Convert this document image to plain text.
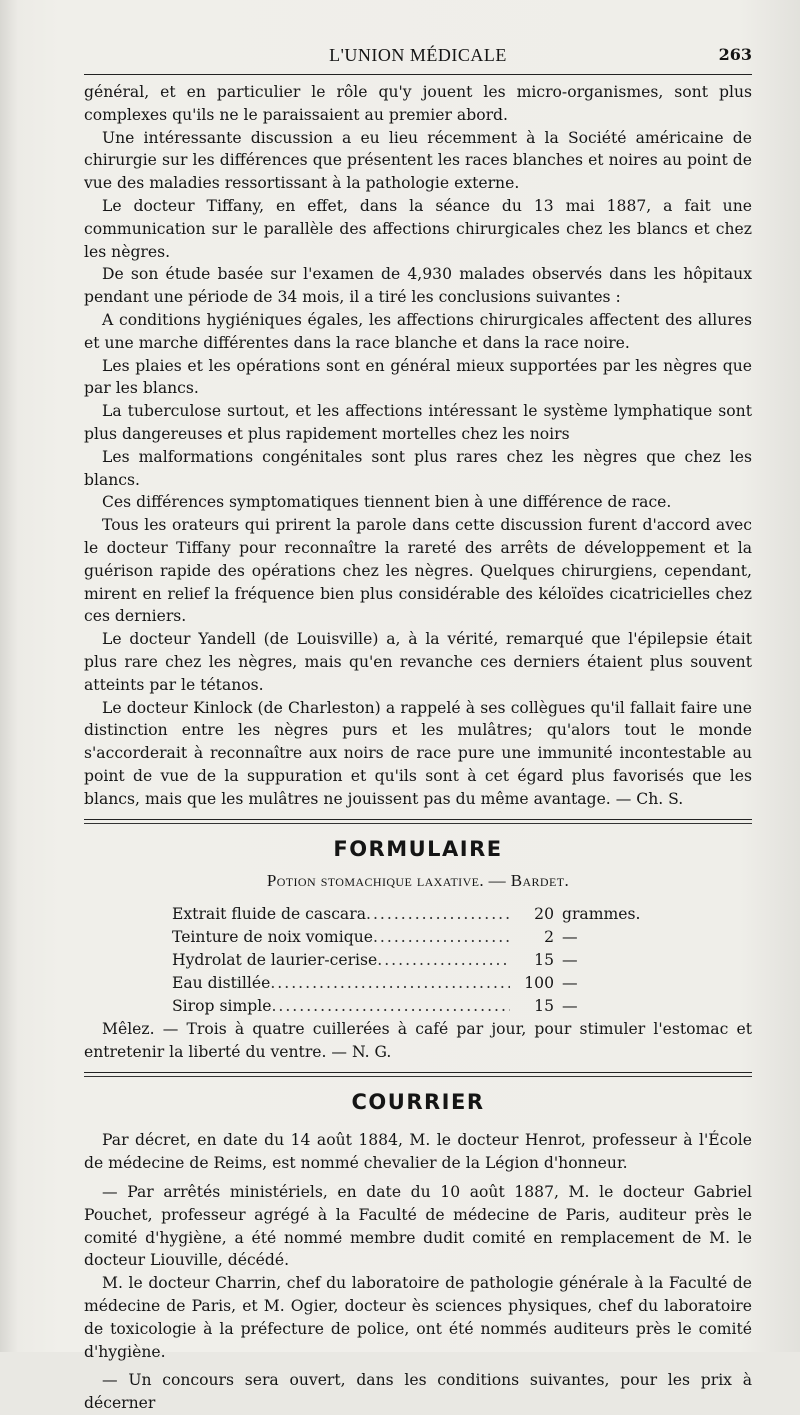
L'UNION MÉDICALE	263

général, et en particulier le rôle qu'y jouent les micro-organismes, sont plus complexes qu'ils ne le paraissaient au premier abord.

Une intéressante discussion a eu lieu récemment à la Société américaine de chirurgie sur les différences que présentent les races blanches et noires au point de vue des maladies ressortissant à la pathologie externe.

Le docteur Tiffany, en effet, dans la séance du 13 mai 1887, a fait une communication sur le parallèle des affections chirurgicales chez les blancs et chez les nègres.

De son étude basée sur l'examen de 4,930 malades observés dans les hôpitaux pendant une période de 34 mois, il a tiré les conclusions suivantes :

A conditions hygiéniques égales, les affections chirurgicales affectent des allures et une marche différentes dans la race blanche et dans la race noire.

Les plaies et les opérations sont en général mieux supportées par les nègres que par les blancs.

La tuberculose surtout, et les affections intéressant le système lymphatique sont plus dangereuses et plus rapidement mortelles chez les noirs

Les malformations congénitales sont plus rares chez les nègres que chez les blancs.

Ces différences symptomatiques tiennent bien à une différence de race.

Tous les orateurs qui prirent la parole dans cette discussion furent d'accord avec le docteur Tiffany pour reconnaître la rareté des arrêts de développement et la guérison rapide des opérations chez les nègres. Quelques chirurgiens, cependant, mirent en relief la fréquence bien plus considérable des kéloïdes cicatricielles chez ces derniers.

Le docteur Yandell (de Louisville) a, à la vérité, remarqué que l'épilepsie était plus rare chez les nègres, mais qu'en revanche ces derniers étaient plus souvent atteints par le tétanos.

Le docteur Kinlock (de Charleston) a rappelé à ses collègues qu'il fallait faire une distinction entre les nègres purs et les mulâtres; qu'alors tout le monde s'accorderait à reconnaître aux noirs de race pure une immunité incontestable au point de vue de la suppuration et qu'ils sont à cet égard plus favorisés que les blancs, mais que les mulâtres ne jouissent pas du même avantage. — Ch. S.

FORMULAIRE
Potion stomachique laxative. — Bardet.
Extrait fluide de cascara .....	20 grammes.
Teinture de noix vomique .....	2 —
Hydrolat de laurier-cerise .....	15 —
Eau distillée .....	100 —
Sirop simple .....	15 —

Mêlez. — Trois à quatre cuillerées à café par jour, pour stimuler l'estomac et entretenir la liberté du ventre. — N. G.

COURRIER

Par décret, en date du 14 août 1884, M. le docteur Henrot, professeur à l'École de médecine de Reims, est nommé chevalier de la Légion d'honneur.

— Par arrêtés ministériels, en date du 10 août 1887, M. le docteur Gabriel Pouchet, professeur agrégé à la Faculté de médecine de Paris, auditeur près le comité d'hygiène, a été nommé membre dudit comité en remplacement de M. le docteur Liouville, décédé.

M. le docteur Charrin, chef du laboratoire de pathologie générale à la Faculté de médecine de Paris, et M. Ogier, docteur ès sciences physiques, chef du laboratoire de toxicologie à la préfecture de police, ont été nommés auditeurs près le comité d'hygiène.

— Un concours sera ouvert, dans les conditions suivantes, pour les prix à décerner
